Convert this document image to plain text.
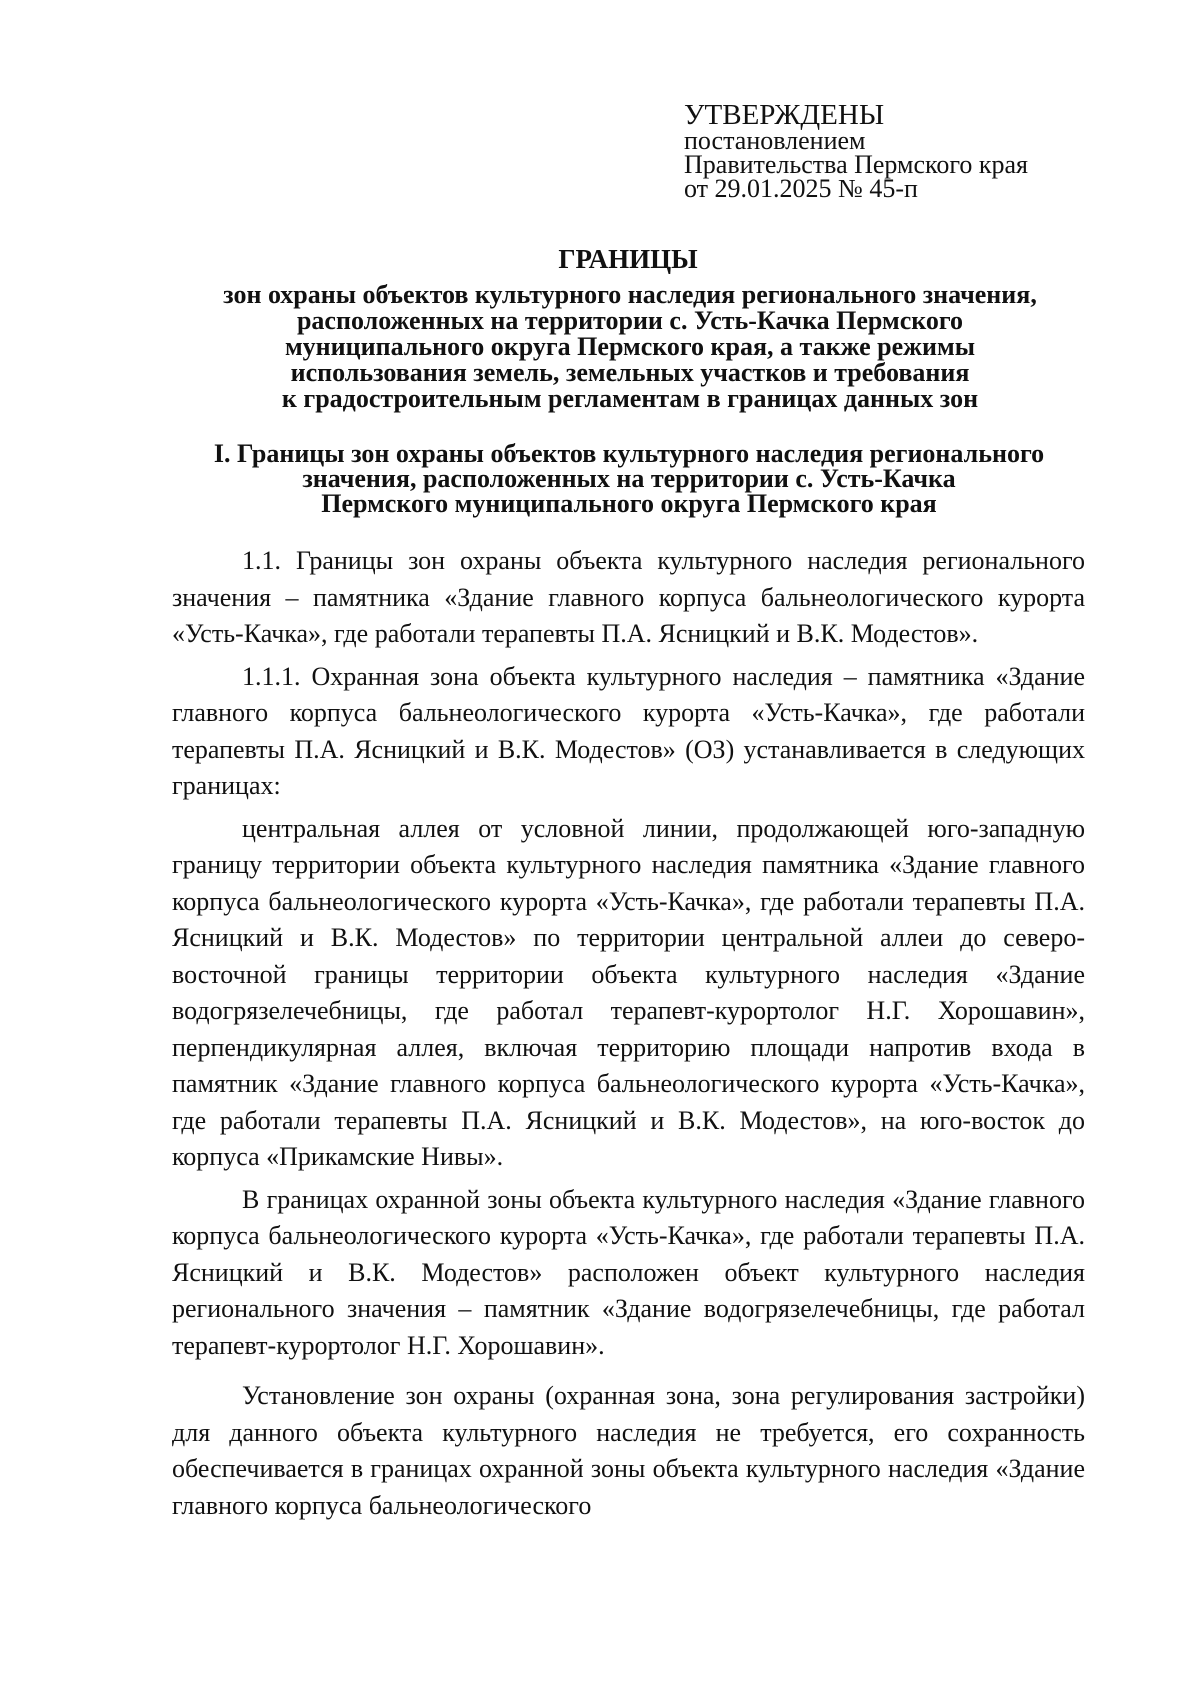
УТВЕРЖДЕНЫ
постановлением
Правительства Пермского края
от 29.01.2025 № 45-п
ГРАНИЦЫ
зон охраны объектов культурного наследия регионального значения,
расположенных на территории с. Усть-Качка Пермского
муниципального округа Пермского края, а также режимы
использования земель, земельных участков и требования
к градостроительным регламентам в границах данных зон
I. Границы зон охраны объектов культурного наследия регионального
значения, расположенных на территории с. Усть-Качка
Пермского муниципального округа Пермского края

1.1. Границы зон охраны объекта культурного наследия регионального значения – памятника «Здание главного корпуса бальнеологического курорта «Усть-Качка», где работали терапевты П.А. Ясницкий и В.К. Модестов».

1.1.1. Охранная зона объекта культурного наследия – памятника «Здание главного корпуса бальнеологического курорта «Усть-Качка», где работали терапевты П.А. Ясницкий и В.К. Модестов» (ОЗ) устанавливается в следующих границах:

центральная аллея от условной линии, продолжающей юго-западную границу территории объекта культурного наследия памятника «Здание главного корпуса бальнеологического курорта «Усть-Качка», где работали терапевты П.А. Ясницкий и В.К. Модестов» по территории центральной аллеи до северо-восточной границы территории объекта культурного наследия «Здание водогрязелечебницы, где работал терапевт-курортолог Н.Г. Хорошавин», перпендикулярная аллея, включая территорию площади напротив входа в памятник «Здание главного корпуса бальнеологического курорта «Усть-Качка», где работали терапевты П.А. Ясницкий и В.К. Модестов», на юго-восток до корпуса «Прикамские Нивы».

В границах охранной зоны объекта культурного наследия «Здание главного корпуса бальнеологического курорта «Усть-Качка», где работали терапевты П.А. Ясницкий и В.К. Модестов» расположен объект культурного наследия регионального значения – памятник «Здание водогрязелечебницы, где работал терапевт-курортолог Н.Г. Хорошавин».

Установление зон охраны (охранная зона, зона регулирования застройки) для данного объекта культурного наследия не требуется, его сохранность обеспечивается в границах охранной зоны объекта культурного наследия «Здание главного корпуса бальнеологического
